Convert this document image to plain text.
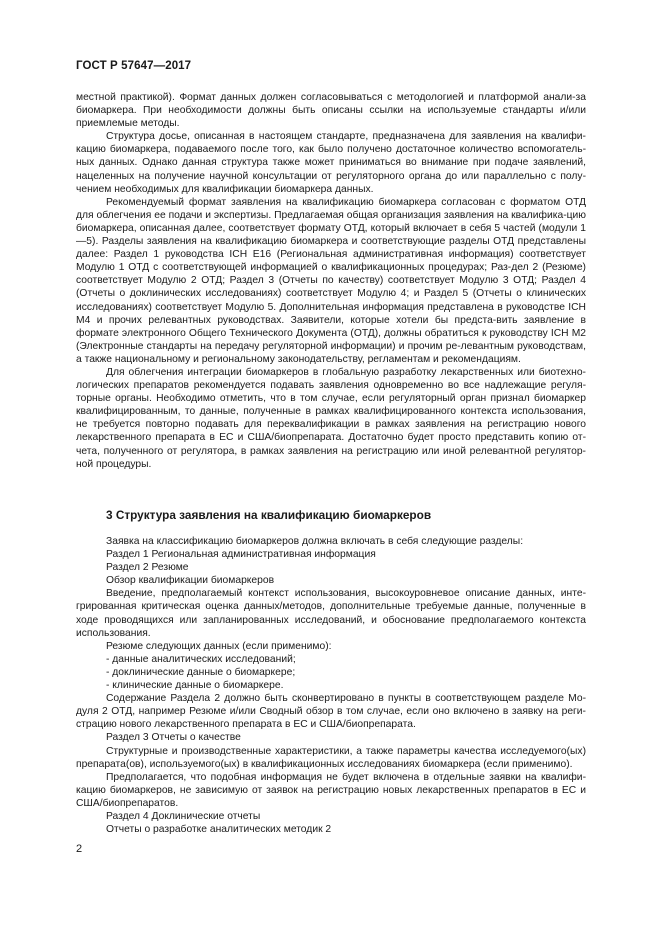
ГОСТ Р 57647—2017

местной практикой). Формат данных должен согласовываться с методологией и платформой анали-за биомаркера. При необходимости должны быть описаны ссылки на используемые стандарты и/или приемлемые методы.

Структура досье, описанная в настоящем стандарте, предназначена для заявления на квалифи-кацию биомаркера, подаваемого после того, как было получено достаточное количество вспомогатель-ных данных. Однако данная структура также может приниматься во внимание при подаче заявлений, нацеленных на получение научной консультации от регуляторного органа до или параллельно с полу-чением необходимых для квалификации биомаркера данных.

Рекомендуемый формат заявления на квалификацию биомаркера согласован с форматом ОТД для облегчения ее подачи и экспертизы. Предлагаемая общая организация заявления на квалифика-цию биомаркера, описанная далее, соответствует формату ОТД, который включает в себя 5 частей (модули 1—5). Разделы заявления на квалификацию биомаркера и соответствующие разделы ОТД представлены далее: Раздел 1 руководства ICH E16 (Региональная административная информация) соответствует Модулю 1 ОТД с соответствующей информацией о квалификационных процедурах; Раз-дел 2 (Резюме) соответствует Модулю 2 ОТД; Раздел 3 (Отчеты по качеству) соответствует Модулю 3 ОТД; Раздел 4 (Отчеты о доклинических исследованиях) соответствует Модулю 4; и Раздел 5 (Отчеты о клинических исследованиях) соответствует Модулю 5. Дополнительная информация представлена в руководстве ICH M4 и прочих релевантных руководствах. Заявители, которые хотели бы предста-вить заявление в формате электронного Общего Технического Документа (ОТД), должны обратиться к руководству ICH M2 (Электронные стандарты на передачу регуляторной информации) и прочим ре-левантным руководствам, а также национальному и региональному законодательству, регламентам и рекомендациям.

Для облегчения интеграции биомаркеров в глобальную разработку лекарственных или биотехно-логических препаратов рекомендуется подавать заявления одновременно во все надлежащие регуля-торные органы. Необходимо отметить, что в том случае, если регуляторный орган признал биомаркер квалифицированным, то данные, полученные в рамках квалифицированного контекста использования, не требуется повторно подавать для переквалификации в рамках заявления на регистрацию нового лекарственного препарата в ЕС и США/биопрепарата. Достаточно будет просто представить копию от-чета, полученного от регулятора, в рамках заявления на регистрацию или иной релевантной регулятор-ной процедуры.

3 Структура заявления на квалификацию биомаркеров

Заявка на классификацию биомаркеров должна включать в себя следующие разделы:

Раздел 1 Региональная административная информация

Раздел 2 Резюме

Обзор квалификации биомаркеров

Введение, предполагаемый контекст использования, высокоуровневое описание данных, инте-грированная критическая оценка данных/методов, дополнительные требуемые данные, полученные в ходе проводящихся или запланированных исследований, и обоснование предполагаемого контекста использования.

Резюме следующих данных (если применимо):

- данные аналитических исследований;

- доклинические данные о биомаркере;

- клинические данные о биомаркере.

Содержание Раздела 2 должно быть сконвертировано в пункты в соответствующем разделе Мо-дуля 2 ОТД, например Резюме и/или Сводный обзор в том случае, если оно включено в заявку на реги-страцию нового лекарственного препарата в ЕС и США/биопрепарата.

Раздел 3 Отчеты о качестве

Структурные и производственные характеристики, а также параметры качества исследуемого(ых) препарата(ов), используемого(ых) в квалификационных исследованиях биомаркера (если применимо).

Предполагается, что подобная информация не будет включена в отдельные заявки на квалифи-кацию биомаркеров, не зависимую от заявок на регистрацию новых лекарственных препаратов в ЕС и США/биопрепаратов.

Раздел 4 Доклинические отчеты

Отчеты о разработке аналитических методик 2

2
